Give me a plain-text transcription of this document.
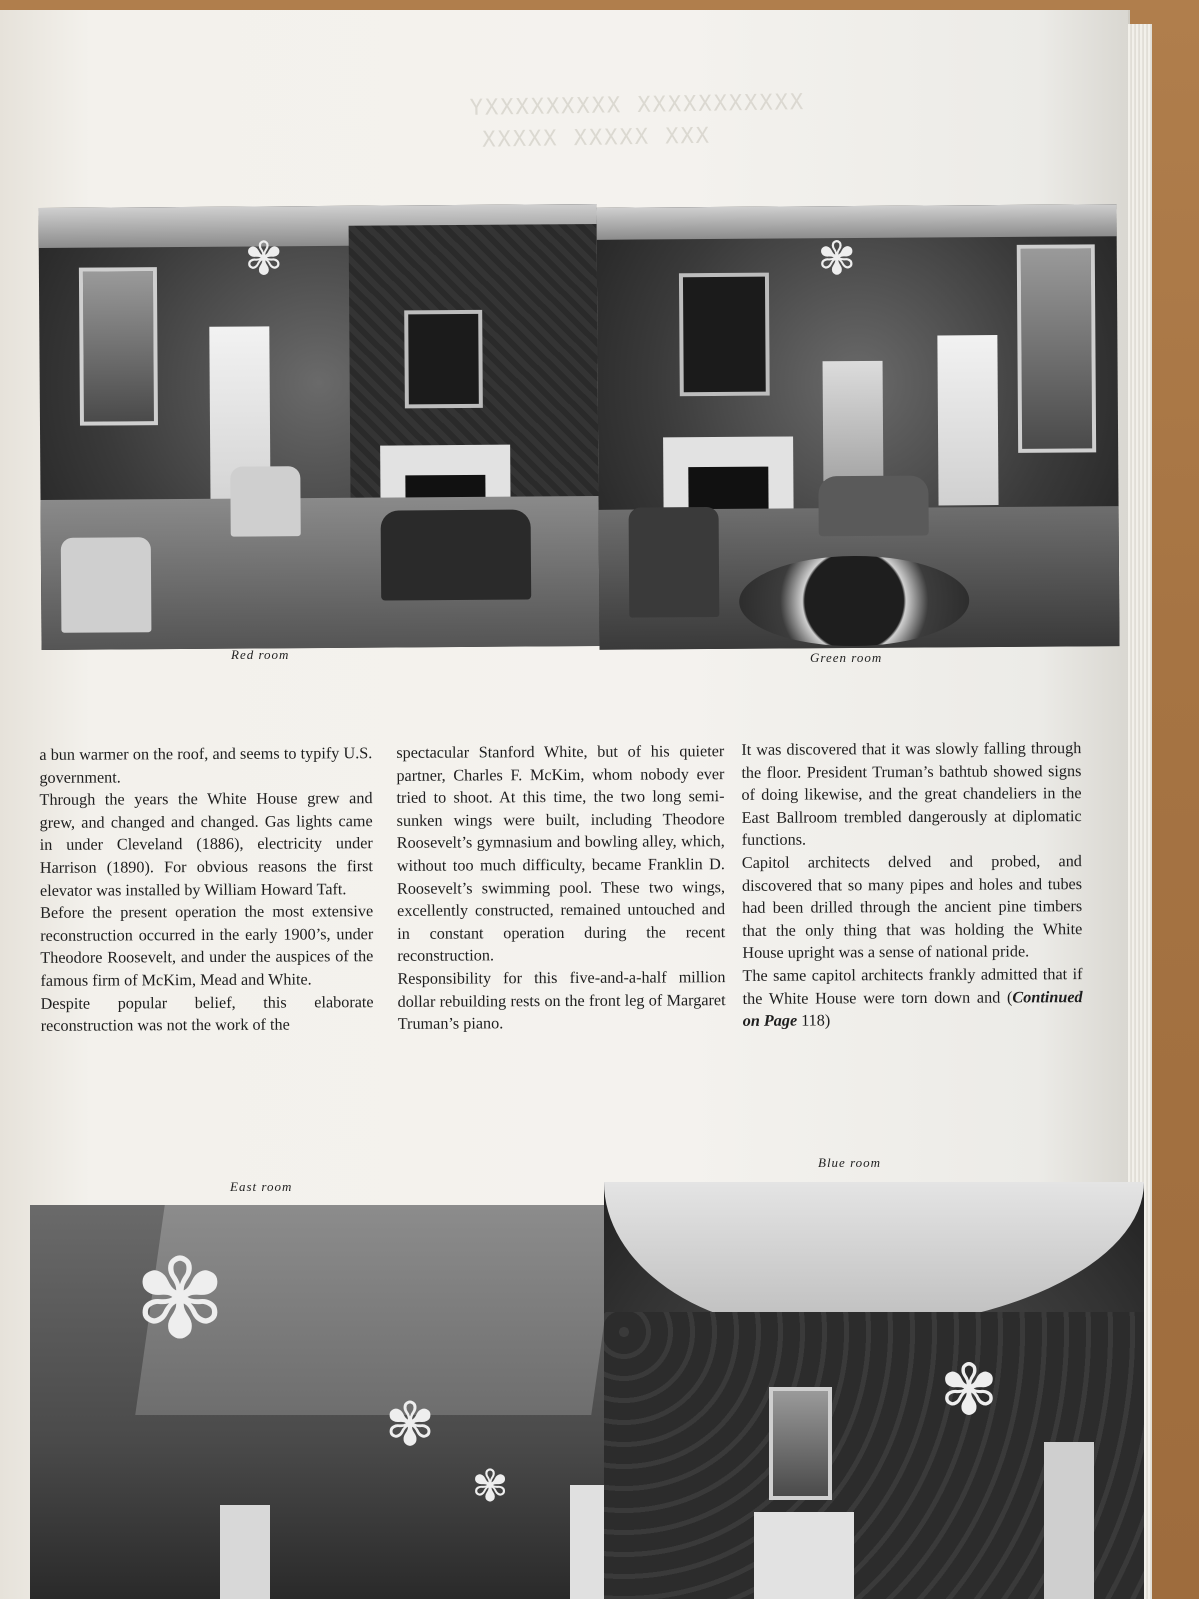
YXXXXXXXXX XXXXXXXXXXX
XXXXX XXXXX XXX
✾	✾
Red room	Green room

a bun warmer on the roof, and seems to typify U.S. government.

Through the years the White House grew and grew, and changed and changed. Gas lights came in under Cleveland (1886), electricity under Harrison (1890). For obvious reasons the first elevator was installed by William Howard Taft.

Before the present operation the most extensive reconstruction occurred in the early 1900’s, under Theodore Roosevelt, and under the auspices of the famous firm of McKim, Mead and White.

Despite popular belief, this elaborate reconstruction was not the work of the

spectacular Stanford White, but of his quieter partner, Charles F. McKim, whom nobody ever tried to shoot. At this time, the two long semi-sunken wings were built, including Theodore Roosevelt’s gymnasium and bowling alley, which, without too much difficulty, became Franklin D. Roosevelt’s swimming pool. These two wings, excellently constructed, remained untouched and in constant operation during the recent reconstruction.

Responsibility for this five-and-a-half million dollar rebuilding rests on the front leg of Margaret Truman’s piano.

It was discovered that it was slowly falling through the floor. President Truman’s bathtub showed signs of doing likewise, and the great chandeliers in the East Ballroom trembled dangerously at diplomatic functions.

Capitol architects delved and probed, and discovered that so many pipes and holes and tubes had been drilled through the ancient pine timbers that the only thing that was holding the White House upright was a sense of national pride.

The same capitol architects frankly admitted that if the White House were torn down and (Continued on Page 118)

Blue room
East room
✾
✾
✾
✾
